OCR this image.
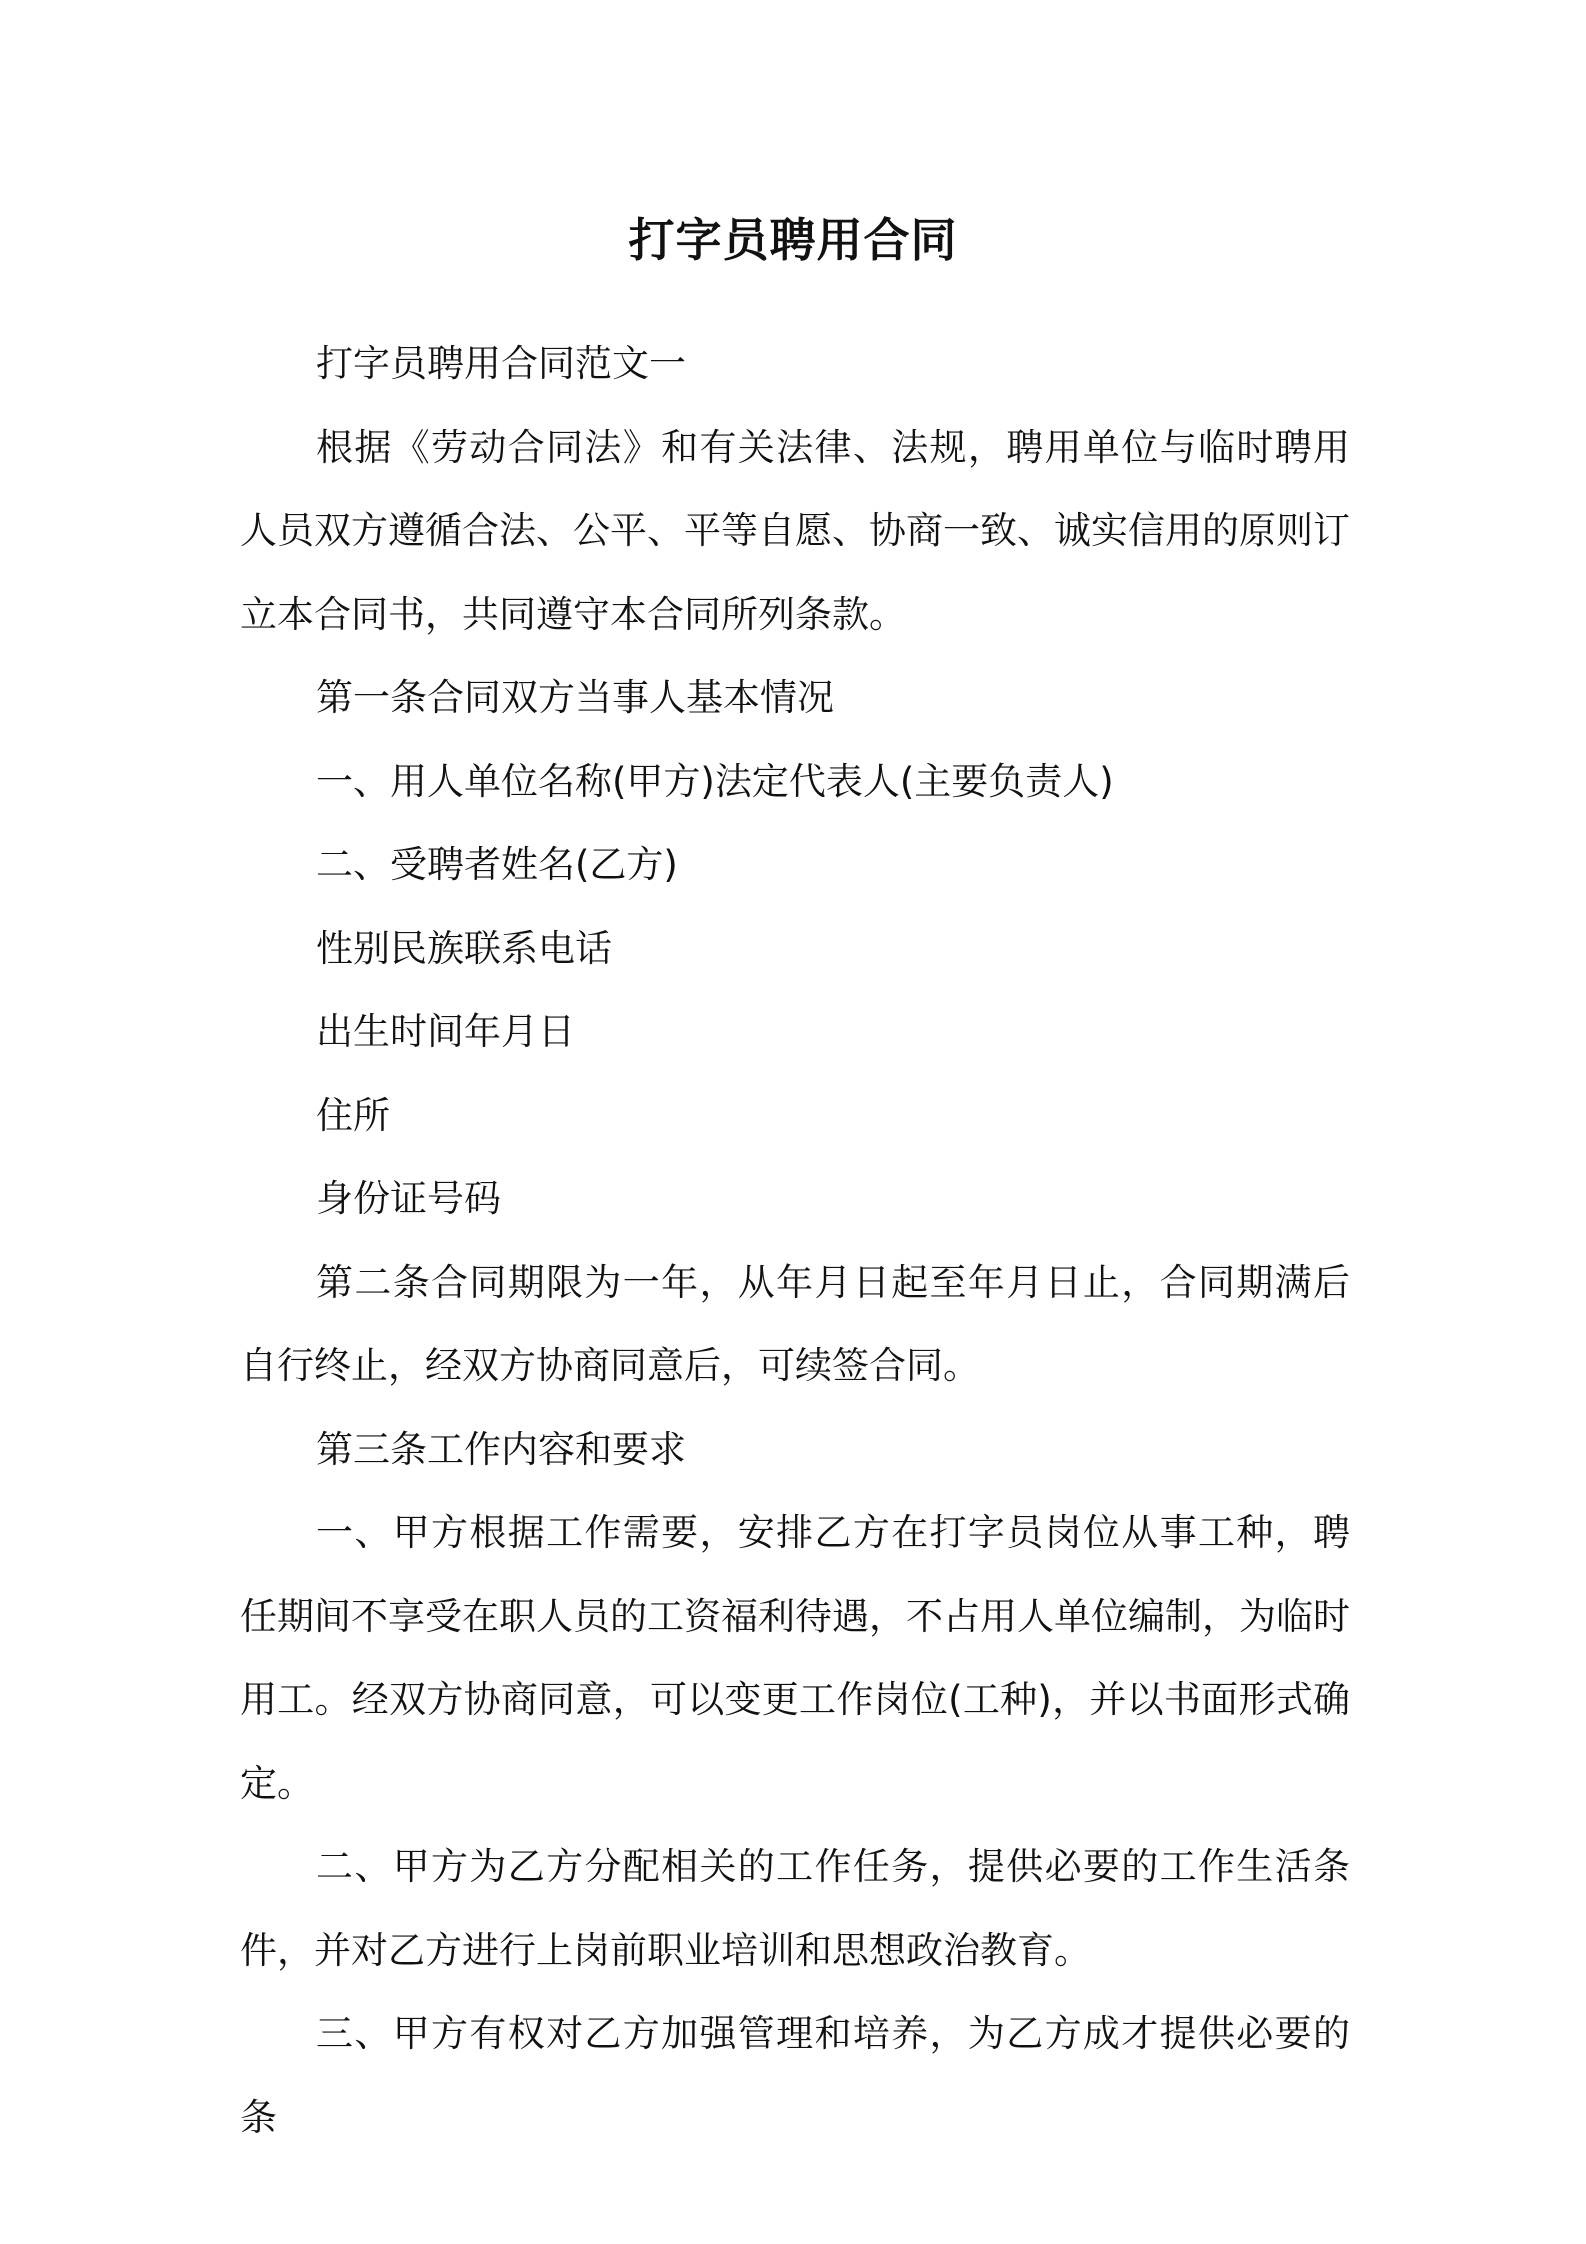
打字员聘用合同

打字员聘用合同范文一

根据《劳动合同法》和有关法律、法规，聘用单位与临时聘用人员双方遵循合法、公平、平等自愿、协商一致、诚实信用的原则订立本合同书，共同遵守本合同所列条款。

第一条合同双方当事人基本情况

一、用人单位名称(甲方)法定代表人(主要负责人)

二、受聘者姓名(乙方)

性别民族联系电话

出生时间年月日

住所

身份证号码

第二条合同期限为一年，从年月日起至年月日止，合同期满后自行终止，经双方协商同意后，可续签合同。

第三条工作内容和要求

一、甲方根据工作需要，安排乙方在打字员岗位从事工种，聘任期间不享受在职人员的工资福利待遇，不占用人单位编制，为临时用工。经双方协商同意，可以变更工作岗位(工种)，并以书面形式确定。

二、甲方为乙方分配相关的工作任务，提供必要的工作生活条件，并对乙方进行上岗前职业培训和思想政治教育。

三、甲方有权对乙方加强管理和培养，为乙方成才提供必要的条
